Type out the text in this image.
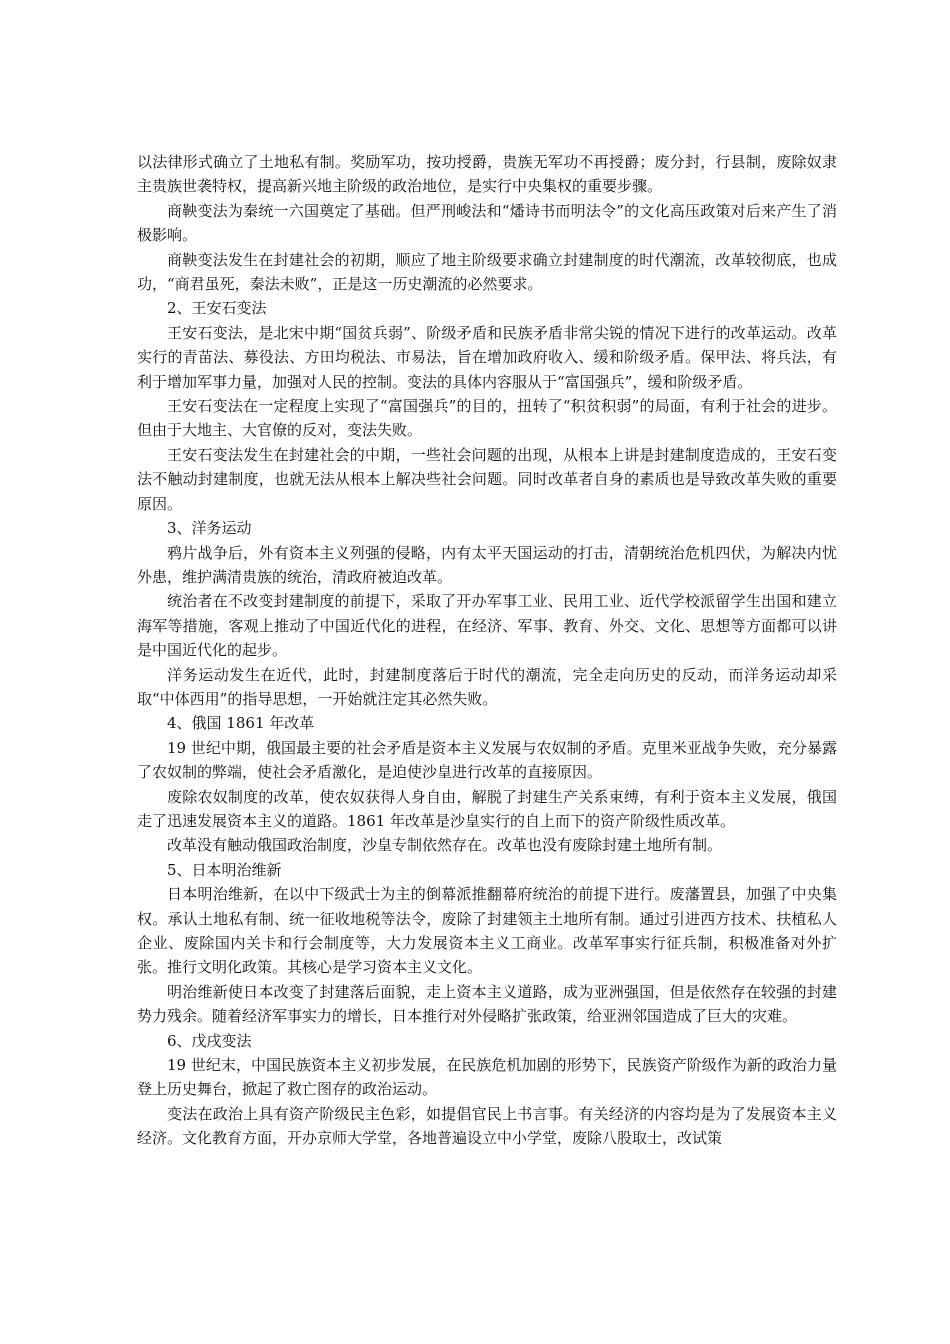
以法律形式确立了土地私有制。奖励军功，按功授爵，贵族无军功不再授爵；废分封，行县制，废除奴隶主贵族世袭特权，提高新兴地主阶级的政治地位，是实行中央集权的重要步骤。

商鞅变法为秦统一六国奠定了基础。但严刑峻法和“燔诗书而明法令”的文化高压政策对后来产生了消极影响。

商鞅变法发生在封建社会的初期，顺应了地主阶级要求确立封建制度的时代潮流，改革较彻底，也成功，“商君虽死，秦法未败”，正是这一历史潮流的必然要求。

2、王安石变法

王安石变法，是北宋中期“国贫兵弱”、阶级矛盾和民族矛盾非常尖锐的情况下进行的改革运动。改革实行的青苗法、募役法、方田均税法、市易法，旨在增加政府收入、缓和阶级矛盾。保甲法、将兵法，有利于增加军事力量，加强对人民的控制。变法的具体内容服从于“富国强兵”，缓和阶级矛盾。

王安石变法在一定程度上实现了“富国强兵”的目的，扭转了“积贫积弱”的局面，有利于社会的进步。但由于大地主、大官僚的反对，变法失败。

王安石变法发生在封建社会的中期，一些社会问题的出现，从根本上讲是封建制度造成的，王安石变法不触动封建制度，也就无法从根本上解决些社会问题。同时改革者自身的素质也是导致改革失败的重要原因。

3、洋务运动

鸦片战争后，外有资本主义列强的侵略，内有太平天国运动的打击，清朝统治危机四伏，为解决内忧外患，维护满清贵族的统治，清政府被迫改革。

统治者在不改变封建制度的前提下，采取了开办军事工业、民用工业、近代学校派留学生出国和建立海军等措施，客观上推动了中国近代化的进程，在经济、军事、教育、外交、文化、思想等方面都可以讲是中国近代化的起步。

洋务运动发生在近代，此时，封建制度落后于时代的潮流，完全走向历史的反动，而洋务运动却采取“中体西用”的指导思想，一开始就注定其必然失败。

4、俄国 1861 年改革

19 世纪中期，俄国最主要的社会矛盾是资本主义发展与农奴制的矛盾。克里米亚战争失败，充分暴露了农奴制的弊端，使社会矛盾激化，是迫使沙皇进行改革的直接原因。

废除农奴制度的改革，使农奴获得人身自由，解脱了封建生产关系束缚，有利于资本主义发展，俄国走了迅速发展资本主义的道路。1861 年改革是沙皇实行的自上而下的资产阶级性质改革。

改革没有触动俄国政治制度，沙皇专制依然存在。改革也没有废除封建土地所有制。

5、日本明治维新

日本明治维新，在以中下级武士为主的倒幕派推翻幕府统治的前提下进行。废藩置县，加强了中央集权。承认土地私有制、统一征收地税等法令，废除了封建领主土地所有制。通过引进西方技术、扶植私人企业、废除国内关卡和行会制度等，大力发展资本主义工商业。改革军事实行征兵制，积极准备对外扩张。推行文明化政策。其核心是学习资本主义文化。

明治维新使日本改变了封建落后面貌，走上资本主义道路，成为亚洲强国，但是依然存在较强的封建势力残余。随着经济军事实力的增长，日本推行对外侵略扩张政策，给亚洲邻国造成了巨大的灾难。

6、戊戌变法

19 世纪末，中国民族资本主义初步发展，在民族危机加剧的形势下，民族资产阶级作为新的政治力量登上历史舞台，掀起了救亡图存的政治运动。

变法在政治上具有资产阶级民主色彩，如提倡官民上书言事。有关经济的内容均是为了发展资本主义经济。文化教育方面，开办京师大学堂，各地普遍设立中小学堂，废除八股取士，改试策
